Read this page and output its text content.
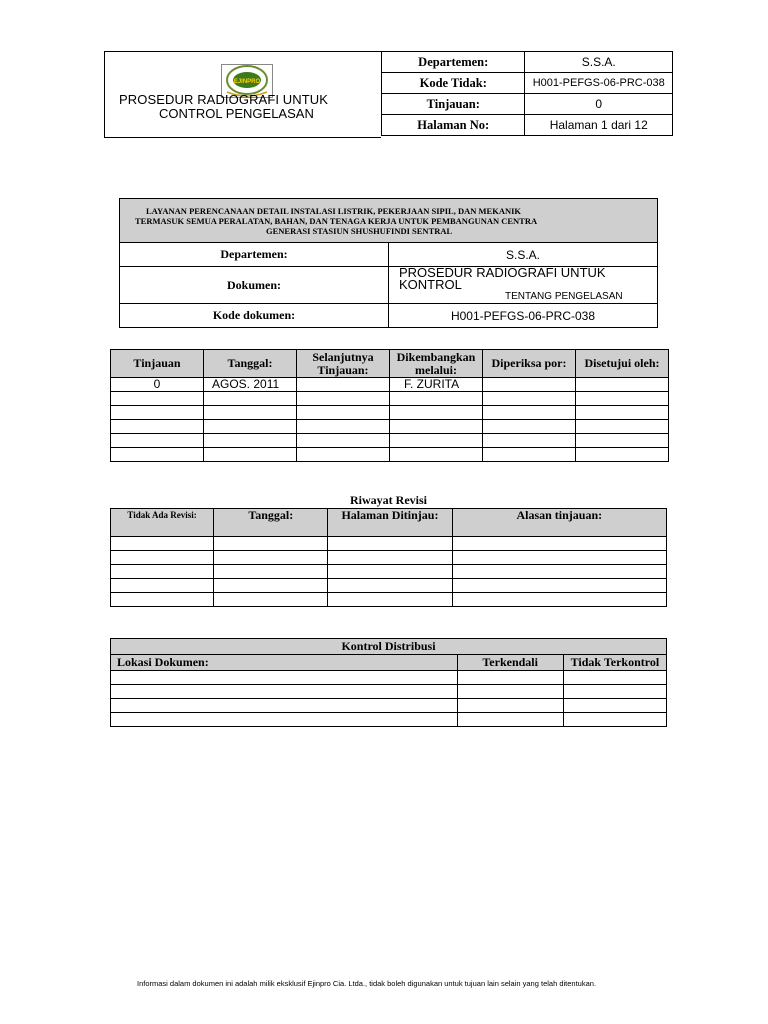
EJINPRO
PROSEDUR RADIOGRAFI UNTUK
CONTROL PENGELASAN
Departemen:	S.S.A.
Kode Tidak:	H001-PEFGS-06-PRC-038
Tinjauan:	0
Halaman No:	Halaman 1 dari 12
LAYANAN PERENCANAAN DETAIL INSTALASI LISTRIK, PEKERJAAN SIPIL, DAN MEKANIK
TERMASUK SEMUA PERALATAN, BAHAN, DAN TENAGA KERJA UNTUK PEMBANGUNAN CENTRA
GENERASI STASIUN SHUSHUFINDI SENTRAL	

Departemen:	S.S.A.
Dokumen:	PROSEDUR RADIOGRAFI UNTUK KONTROL
TENTANG PENGELASAN

Kode dokumen:	H001-PEFGS-06-PRC-038
Tinjauan	Tanggal:	Selanjutnya Tinjauan:	Dikembangkan melalui:	Diperiksa por:	Disetujui oleh:
0	AGOS. 2011		F. ZURITA		

Riwayat Revisi
Tidak Ada Revisi:	Tanggal:	Halaman Ditinjau:	Alasan tinjauan:

Kontrol Distribusi		
Lokasi Dokumen:	Terkendali	Tidak Terkontrol

Informasi dalam dokumen ini adalah milik eksklusif Ejinpro Cia. Ltda., tidak boleh digunakan untuk tujuan lain selain yang telah ditentukan.
